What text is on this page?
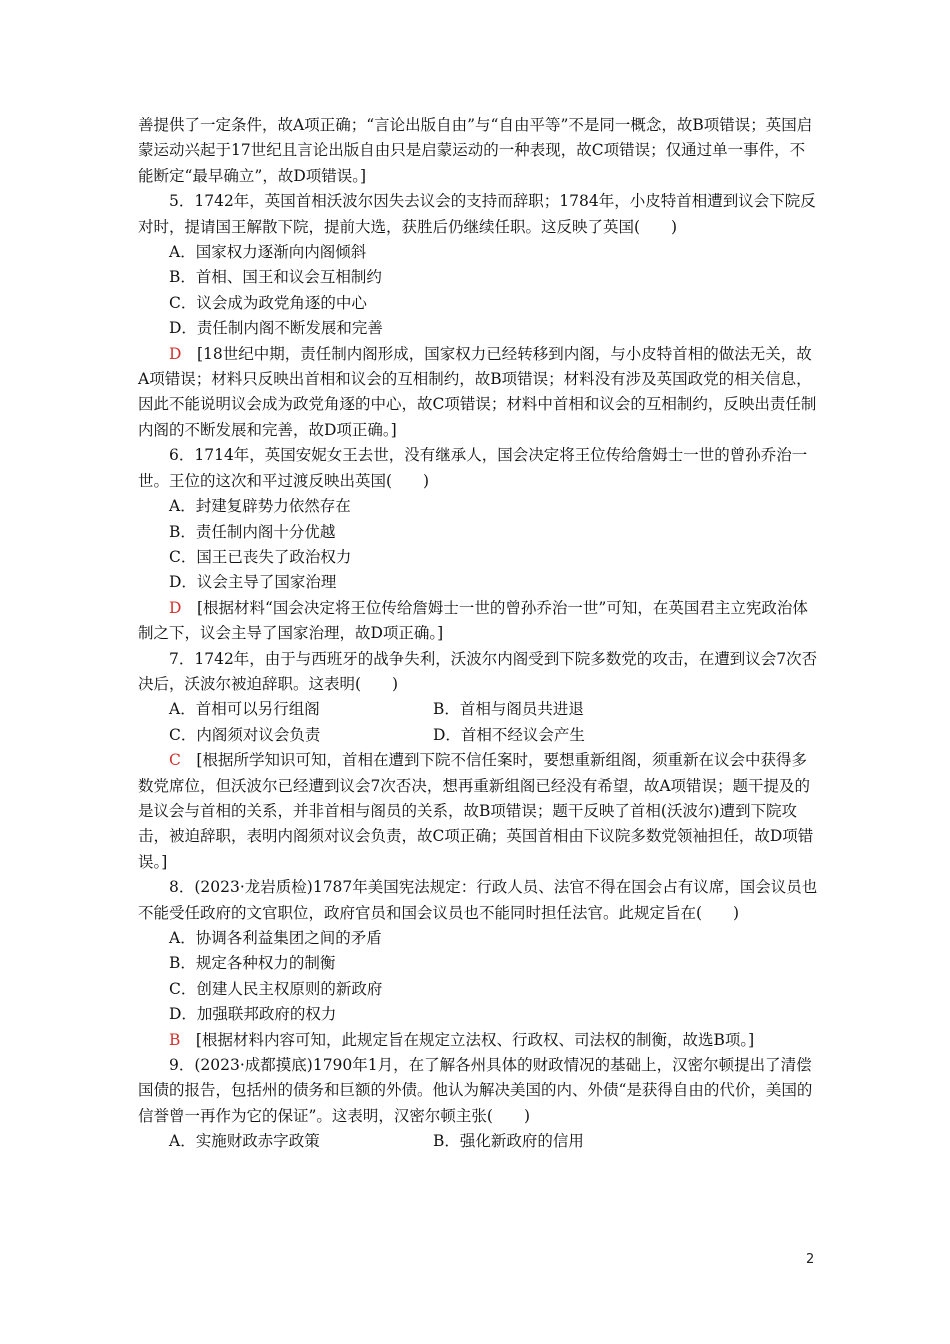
善提供了一定条件，故A项正确；“言论出版自由”与“自由平等”不是同一概念，故B项错误；英国启蒙运动兴起于17世纪且言论出版自由只是启蒙运动的一种表现，故C项错误；仅通过单一事件，不能断定“最早确立”，故D项错误。]

5．1742年，英国首相沃波尔因失去议会的支持而辞职；1784年，小皮特首相遭到议会下院反对时，提请国王解散下院，提前大选，获胜后仍继续任职。这反映了英国(　　)

A．国家权力逐渐向内阁倾斜

B．首相、国王和议会互相制约

C．议会成为政党角逐的中心

D．责任制内阁不断发展和完善

D　 [18世纪中期，责任制内阁形成，国家权力已经转移到内阁，与小皮特首相的做法无关，故A项错误；材料只反映出首相和议会的互相制约，故B项错误；材料没有涉及英国政党的相关信息，因此不能说明议会成为政党角逐的中心，故C项错误；材料中首相和议会的互相制约，反映出责任制内阁的不断发展和完善，故D项正确。]

6．1714年，英国安妮女王去世，没有继承人，国会决定将王位传给詹姆士一世的曾孙乔治一世。王位的这次和平过渡反映出英国(　　)

A．封建复辟势力依然存在

B．责任制内阁十分优越

C．国王已丧失了政治权力

D．议会主导了国家治理

D　 [根据材料“国会决定将王位传给詹姆士一世的曾孙乔治一世”可知，在英国君主立宪政治体制之下，议会主导了国家治理，故D项正确。]

7．1742年，由于与西班牙的战争失利，沃波尔内阁受到下院多数党的攻击，在遭到议会7次否决后，沃波尔被迫辞职。这表明(　　)

A．首相可以另行组阁	B．首相与阁员共进退
C．内阁须对议会负责	D．首相不经议会产生

C　 [根据所学知识可知，首相在遭到下院不信任案时，要想重新组阁，须重新在议会中获得多数党席位，但沃波尔已经遭到议会7次否决，想再重新组阁已经没有希望，故A项错误；题干提及的是议会与首相的关系，并非首相与阁员的关系，故B项错误；题干反映了首相(沃波尔)遭到下院攻击，被迫辞职，表明内阁须对议会负责，故C项正确；英国首相由下议院多数党领袖担任，故D项错误。]

8．(2023·龙岩质检)1787年美国宪法规定：行政人员、法官不得在国会占有议席，国会议员也不能受任政府的文官职位，政府官员和国会议员也不能同时担任法官。此规定旨在(　　)

A．协调各利益集团之间的矛盾

B．规定各种权力的制衡

C．创建人民主权原则的新政府

D．加强联邦政府的权力

B　 [根据材料内容可知，此规定旨在规定立法权、行政权、司法权的制衡，故选B项。]

9．(2023·成都摸底)1790年1月，在了解各州具体的财政情况的基础上，汉密尔顿提出了清偿国债的报告，包括州的债务和巨额的外债。他认为解决美国的内、外债“是获得自由的代价，美国的信誉曾一再作为它的保证”。这表明，汉密尔顿主张(　　)

A．实施财政赤字政策	B．强化新政府的信用
2
